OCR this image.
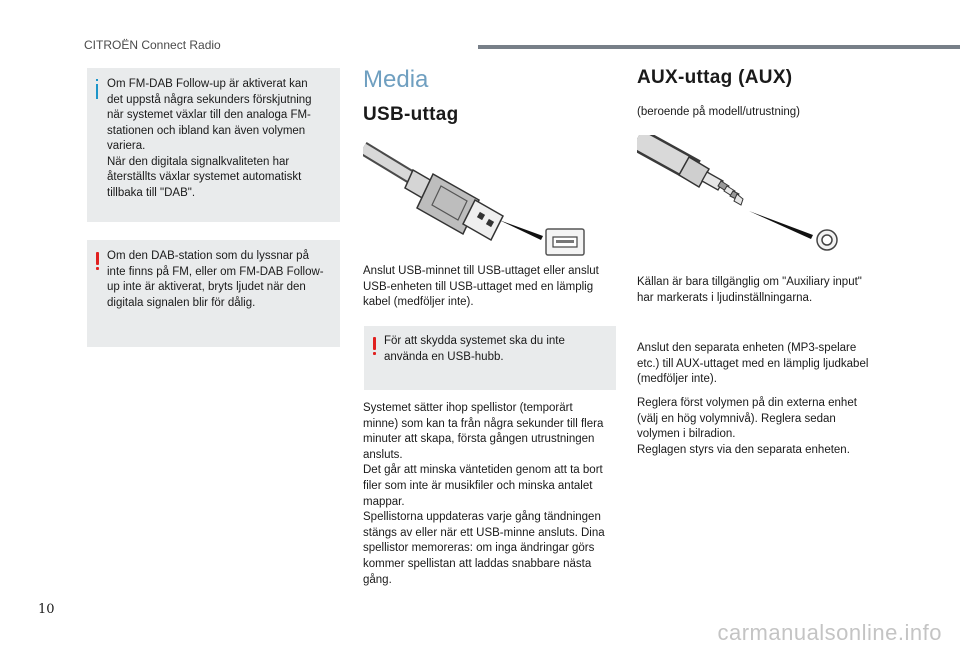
CITROËN Connect Radio
Om FM-DAB Follow-up är aktiverat kan
det uppstå några sekunders förskjutning
när systemet växlar till den analoga FM-
stationen och ibland kan även volymen
variera.
När den digitala signalkvaliteten har
återställts växlar systemet automatiskt
tillbaka till "DAB".
Om den DAB-station som du lyssnar på
inte finns på FM, eller om FM-DAB Follow-
up inte är aktiverat, bryts ljudet när den
digitala signalen blir för dålig.
Media
USB-uttag
Anslut USB-minnet till USB-uttaget eller anslut
USB-enheten till USB-uttaget med en lämplig
kabel (medföljer inte).
För att skydda systemet ska du inte
använda en USB-hubb.
Systemet sätter ihop spellistor (temporärt
minne) som kan ta från några sekunder till flera
minuter att skapa, första gången utrustningen
ansluts.
Det går att minska väntetiden genom att ta bort
filer som inte är musikfiler och minska antalet
mappar.
Spellistorna uppdateras varje gång tändningen
stängs av eller när ett USB-minne ansluts. Dina
spellistor memoreras: om inga ändringar görs
kommer spellistan att laddas snabbare nästa
gång.
AUX-uttag (AUX)
(beroende på modell/utrustning)
Källan är bara tillgänglig om "Auxiliary input"
har markerats i ljudinställningarna.
Anslut den separata enheten (MP3-spelare
etc.) till AUX-uttaget med en lämplig ljudkabel
(medföljer inte).
Reglera först volymen på din externa enhet
(välj en hög volymnivå). Reglera sedan
volymen i bilradion.
Reglagen styrs via den separata enheten.
10
carmanualsonline.info
